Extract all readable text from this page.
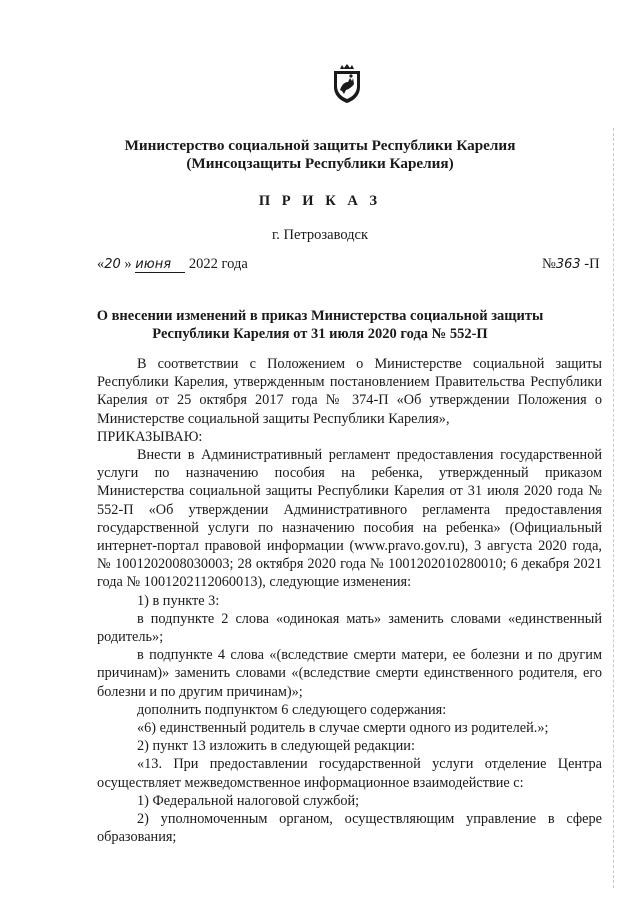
Министерство социальной защиты Республики Карелия
(Минсоцзащиты Республики Карелия)
П Р И К А З
г. Петрозаводск
«20 » июня 2022 года	№363 -П
О внесении изменений в приказ Министерства социальной защиты
Республики Карелия от 31 июля 2020 года № 552-П

В соответствии с Положением о Министерстве социальной защиты Республики Карелия, утвержденным постановлением Правительства Республики Карелия от 25 октября 2017 года № 374-П «Об утверждении Положения о Министерстве социальной защиты Республики Карелия»,

ПРИКАЗЫВАЮ:

Внести в Административный регламент предоставления государственной услуги по назначению пособия на ребенка, утвержденный приказом Министерства социальной защиты Республики Карелия от 31 июля 2020 года № 552-П «Об утверждении Административного регламента предоставления государственной услуги по назначению пособия на ребенка» (Официальный интернет-портал правовой информации (www.pravo.gov.ru), 3 августа 2020 года, № 1001202008030003; 28 октября 2020 года № 1001202010280010; 6 декабря 2021 года № 1001202112060013), следующие изменения:

1) в пункте 3:

в подпункте 2 слова «одинокая мать» заменить словами «единственный родитель»;

в подпункте 4 слова «(вследствие смерти матери, ее болезни и по другим причинам)» заменить словами «(вследствие смерти единственного родителя, его болезни и по другим причинам)»;

дополнить подпунктом 6 следующего содержания:

«6) единственный родитель в случае смерти одного из родителей.»;

2) пункт 13 изложить в следующей редакции:

«13. При предоставлении государственной услуги отделение Центра осуществляет межведомственное информационное взаимодействие с:

1) Федеральной налоговой службой;

2) уполномоченным органом, осуществляющим управление в сфере образования;
